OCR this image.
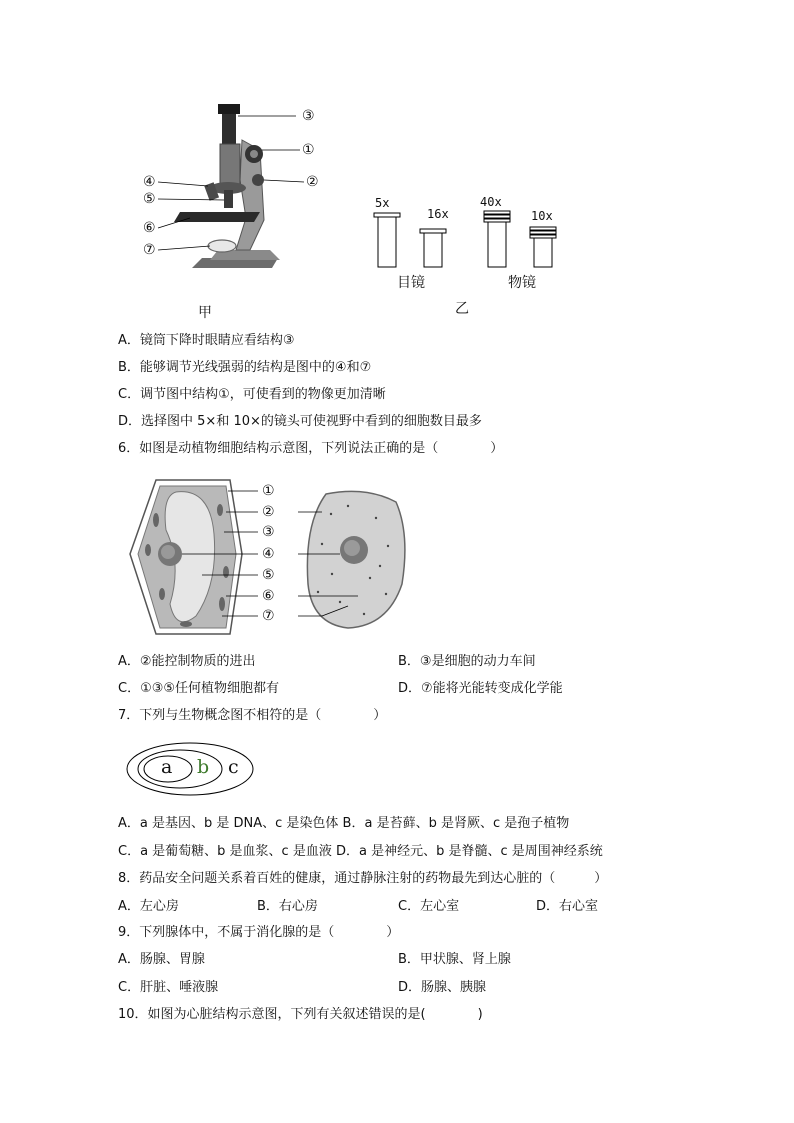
③
①
②
④
⑤
⑥
⑦
甲
5x
16x
40x
10x
目镜	物镜
乙
A．镜筒下降时眼睛应看结构③
B．能够调节光线强弱的结构是图中的④和⑦
C．调节图中结构①，可使看到的物像更加清晰
D．选择图中 5×和 10×的镜头可使视野中看到的细胞数目最多
6．如图是动植物细胞结构示意图，下列说法正确的是（　　　　）
①
②
③
④
⑤
⑥
⑦
A．②能控制物质的进出	B．③是细胞的动力车间
C．①③⑤任何植物细胞都有	D．⑦能将光能转变成化学能
7．下列与生物概念图不相符的是（　　　　）
a b c
A．a 是基因、b 是 DNA、c 是染色体 B．a 是苔藓、b 是肾厥、c 是孢子植物
C．a 是葡萄糖、b 是血浆、c 是血液 D．a 是神经元、b 是脊髓、c 是周围神经系统
8．药品安全问题关系着百姓的健康，通过静脉注射的药物最先到达心脏的（　　　）
A．左心房	B．右心房	C．左心室	D．右心室
9．下列腺体中，不属于消化腺的是（　　　　）
A．肠腺、胃腺	B．甲状腺、肾上腺
C．肝脏、唾液腺	D．肠腺、胰腺
10．如图为心脏结构示意图，下列有关叙述错误的是(　　　　)
